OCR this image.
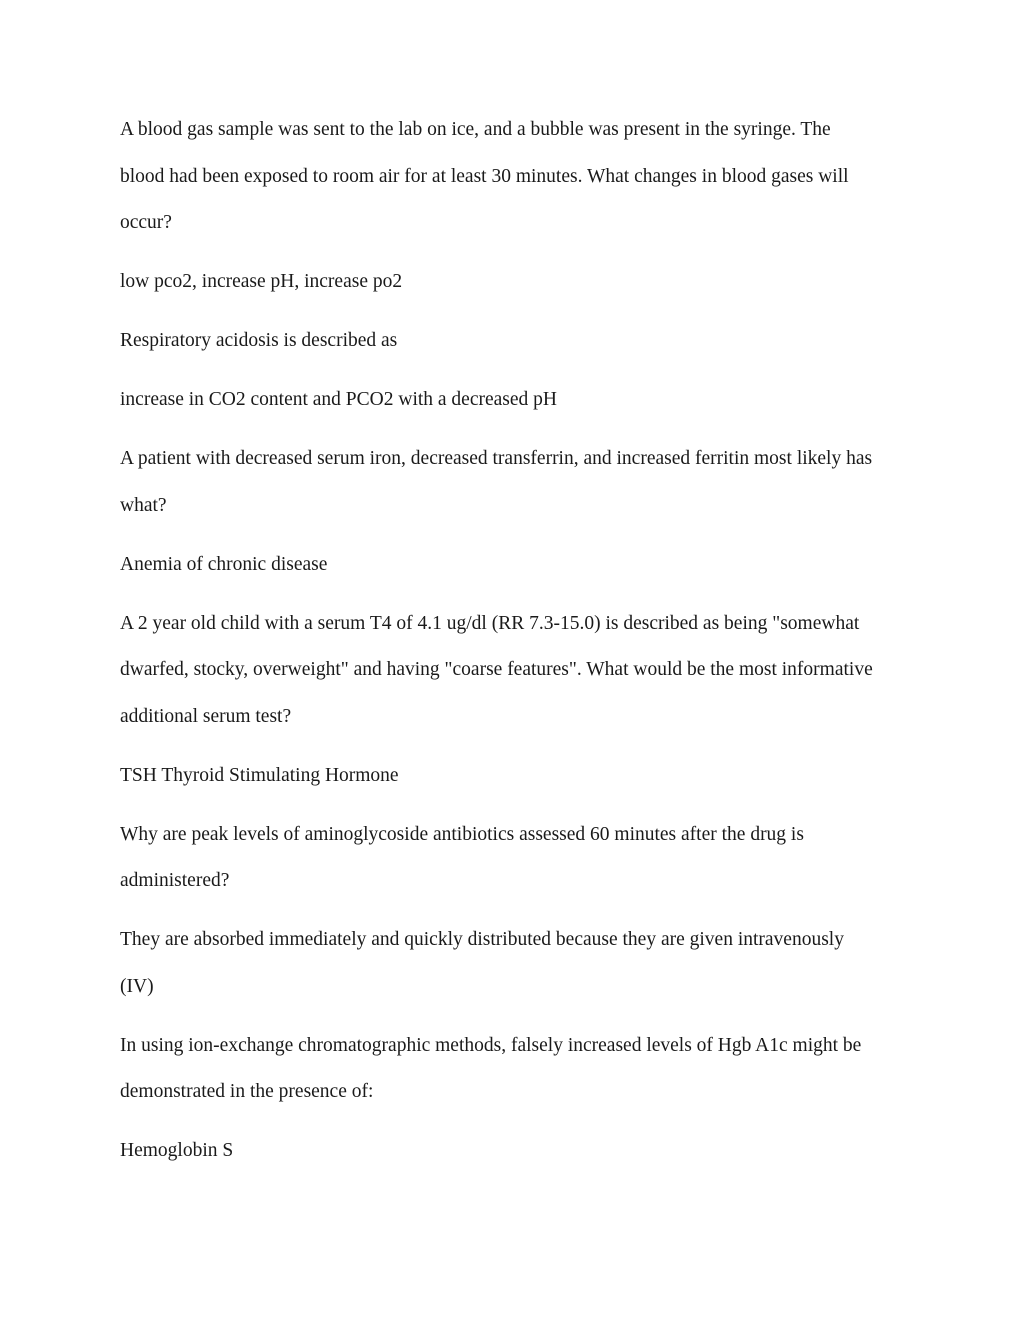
A blood gas sample was sent to the lab on ice, and a bubble was present in the syringe. The
blood had been exposed to room air for at least 30 minutes. What changes in blood gases will
occur?

low pco2, increase pH, increase po2

Respiratory acidosis is described as

increase in CO2 content and PCO2 with a decreased pH

A patient with decreased serum iron, decreased transferrin, and increased ferritin most likely has
what?

Anemia of chronic disease

A 2 year old child with a serum T4 of 4.1 ug/dl (RR 7.3-15.0) is described as being "somewhat
dwarfed, stocky, overweight" and having "coarse features". What would be the most informative
additional serum test?

TSH Thyroid Stimulating Hormone

Why are peak levels of aminoglycoside antibiotics assessed 60 minutes after the drug is
administered?

They are absorbed immediately and quickly distributed because they are given intravenously
(IV)

In using ion-exchange chromatographic methods, falsely increased levels of Hgb A1c might be
demonstrated in the presence of:

Hemoglobin S
